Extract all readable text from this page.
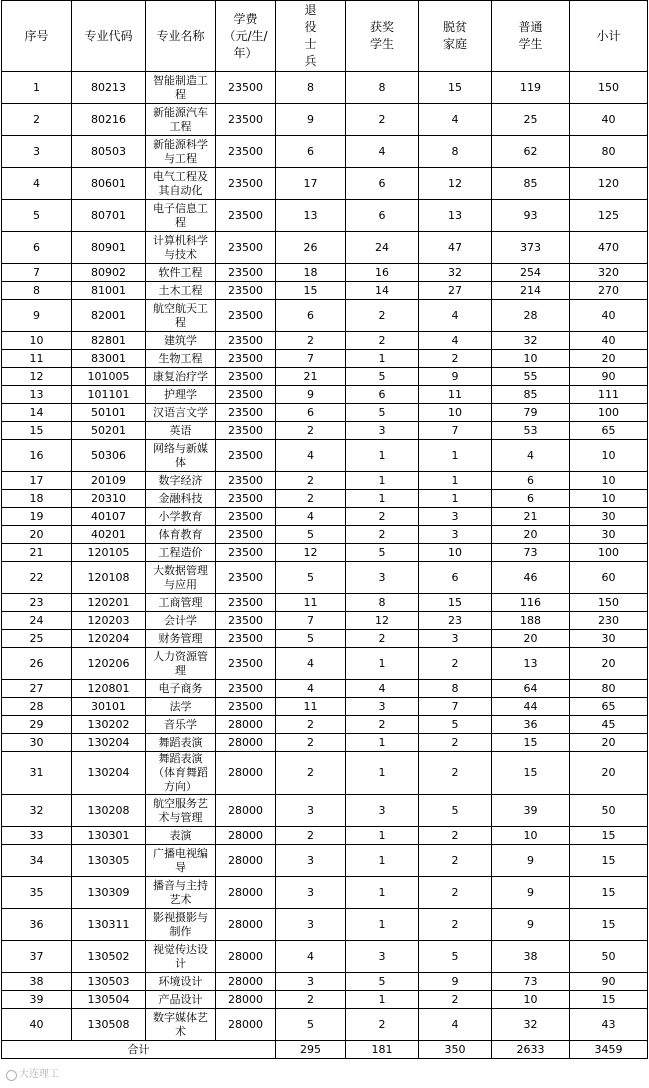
序号	专业代码	专业名称	学费（元/生/年）	退役士兵	获奖学生	脱贫家庭	普通学生	小计
1	80213	智能制造工程	23500	8	8	15	119	150
2	80216	新能源汽车工程	23500	9	2	4	25	40
3	80503	新能源科学与工程	23500	6	4	8	62	80
4	80601	电气工程及其自动化	23500	17	6	12	85	120
5	80701	电子信息工程	23500	13	6	13	93	125
6	80901	计算机科学与技术	23500	26	24	47	373	470
7	80902	软件工程	23500	18	16	32	254	320
8	81001	土木工程	23500	15	14	27	214	270
9	82001	航空航天工程	23500	6	2	4	28	40
10	82801	建筑学	23500	2	2	4	32	40
11	83001	生物工程	23500	7	1	2	10	20
12	101005	康复治疗学	23500	21	5	9	55	90
13	101101	护理学	23500	9	6	11	85	111
14	50101	汉语言文学	23500	6	5	10	79	100
15	50201	英语	23500	2	3	7	53	65
16	50306	网络与新媒体	23500	4	1	1	4	10
17	20109	数字经济	23500	2	1	1	6	10
18	20310	金融科技	23500	2	1	1	6	10
19	40107	小学教育	23500	4	2	3	21	30
20	40201	体育教育	23500	5	2	3	20	30
21	120105	工程造价	23500	12	5	10	73	100
22	120108	大数据管理与应用	23500	5	3	6	46	60
23	120201	工商管理	23500	11	8	15	116	150
24	120203	会计学	23500	7	12	23	188	230
25	120204	财务管理	23500	5	2	3	20	30
26	120206	人力资源管理	23500	4	1	2	13	20
27	120801	电子商务	23500	4	4	8	64	80
28	30101	法学	23500	11	3	7	44	65
29	130202	音乐学	28000	2	2	5	36	45
30	130204	舞蹈表演	28000	2	1	2	15	20
31	130204	舞蹈表演（体育舞蹈方向）	28000	2	1	2	15	20
32	130208	航空服务艺术与管理	28000	3	3	5	39	50
33	130301	表演	28000	2	1	2	10	15
34	130305	广播电视编导	28000	3	1	2	9	15
35	130309	播音与主持艺术	28000	3	1	2	9	15
36	130311	影视摄影与制作	28000	3	1	2	9	15
37	130502	视觉传达设计	28000	4	3	5	38	50
38	130503	环境设计	28000	3	5	9	73	90
39	130504	产品设计	28000	2	1	2	10	15
40	130508	数字媒体艺术	28000	5	2	4	32	43
合计				295	181	350	2633	3459
大连理工
